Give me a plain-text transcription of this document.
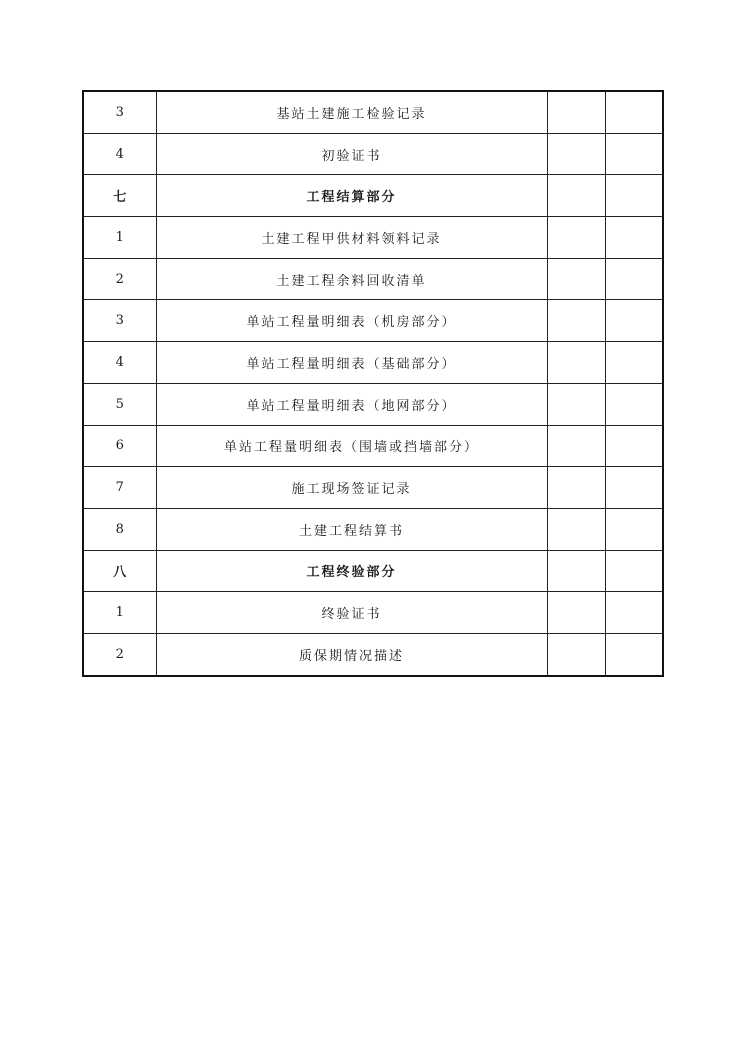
3	基站土建施工检验记录		
4	初验证书		
七	工程结算部分		
1	土建工程甲供材料领料记录		
2	土建工程余料回收清单		
3	单站工程量明细表（机房部分）		
4	单站工程量明细表（基础部分）		
5	单站工程量明细表（地网部分）		
6	单站工程量明细表（围墙或挡墙部分）		
7	施工现场签证记录		
8	土建工程结算书		
八	工程终验部分		
1	终验证书		
2	质保期情况描述		
